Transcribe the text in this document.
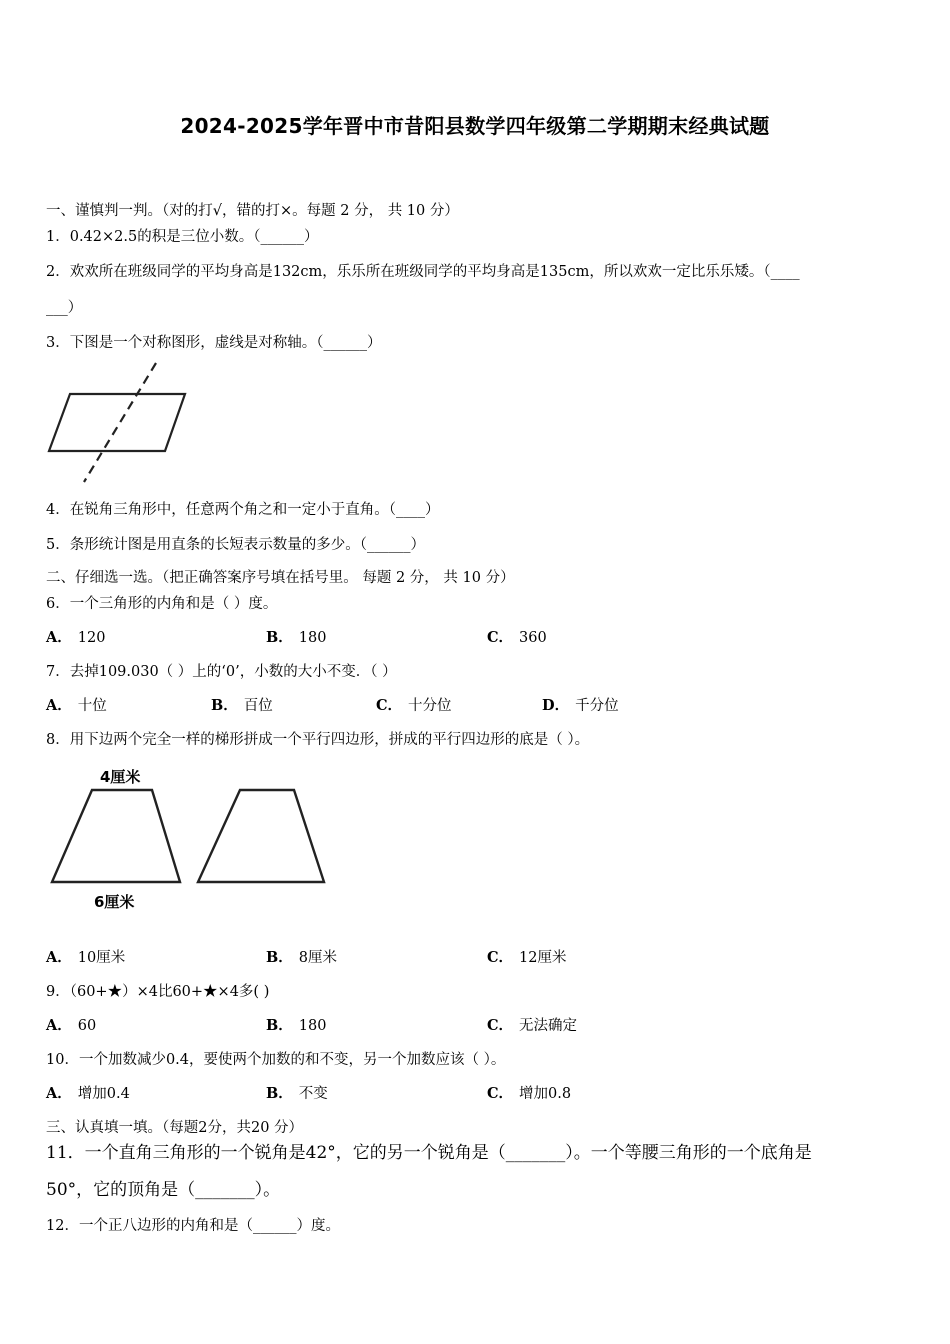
2024-2025学年晋中市昔阳县数学四年级第二学期期末经典试题
一、谨慎判一判。（对的打√，错的打×。每题 2 分， 共 10 分）
1．0.42×2.5的积是三位小数。（______）
2．欢欢所在班级同学的平均身高是132cm，乐乐所在班级同学的平均身高是135cm，所以欢欢一定比乐乐矮。（____
___）
3．下图是一个对称图形，虚线是对称轴。（______）
4．在锐角三角形中，任意两个角之和一定小于直角。（____）
5．条形统计图是用直条的长短表示数量的多少。（______）
二、仔细选一选。（把正确答案序号填在括号里。 每题 2 分， 共 10 分）
6．一个三角形的内角和是（ ）度。
A． 120	B． 180	C． 360
7．去掉109.030（ ）上的‘0’，小数的大小不变．（ ）
A． 十位	B． 百位	C． 十分位	D． 千分位
8．用下边两个完全一样的梯形拼成一个平行四边形，拼成的平行四边形的底是（ ）。
4厘米
6厘米
A． 10厘米	B． 8厘米	C． 12厘米
9．（60+★）×4比60+★×4多( )
A． 60	B． 180	C． 无法确定
10．一个加数减少0.4，要使两个加数的和不变，另一个加数应该（ ）。
A． 增加0.4	B． 不变	C． 增加0.8
三、认真填一填。（每题2分，共20 分）
11．一个直角三角形的一个锐角是42°，它的另一个锐角是（_______）。一个等腰三角形的一个底角是
50°，它的顶角是（_______）。
12．一个正八边形的内角和是（______）度。
